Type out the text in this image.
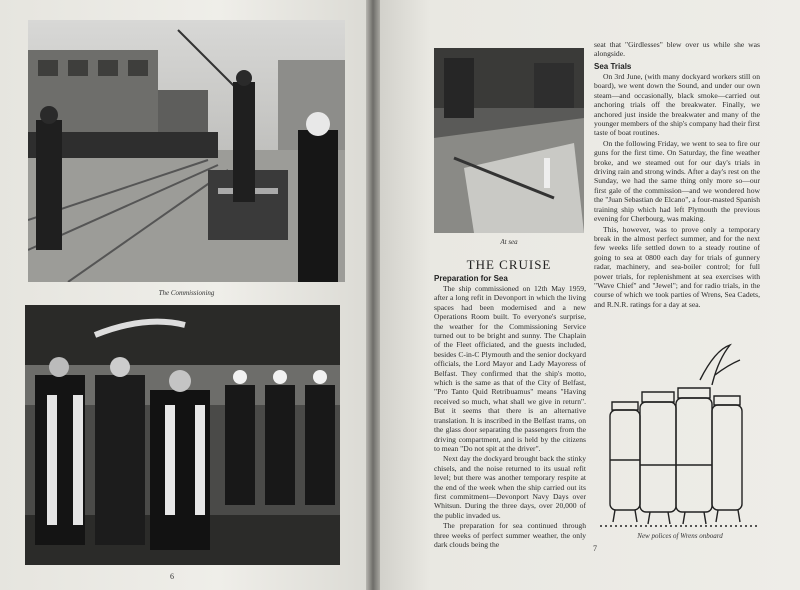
The Commissioning
6
At sea
THE CRUISE
Preparation for Sea

The ship commissioned on 12th May 1959, after a long refit in Devonport in which the living spaces had been modernised and a new Operations Room built. To everyone's surprise, the weather for the Commissioning Service turned out to be bright and sunny. The Chaplain of the Fleet officiated, and the guests included, besides C-in-C Plymouth and the senior dockyard officials, the Lord Mayor and Lady Mayoress of Belfast. They confirmed that the ship's motto, which is the same as that of the City of Belfast, "Pro Tanto Quid Retribuamus" means "Having received so much, what shall we give in return". But it seems that there is an alternative translation. It is inscribed in the Belfast trams, on the glass door separating the passengers from the driving compartment, and is held by the citizens to mean "Do not spit at the driver".

Next day the dockyard brought back the stinky chisels, and the noise returned to its usual refit level; but there was another temporary respite at the end of the week when the ship carried out its first commitment—Devonport Navy Days over Whitsun. During the three days, over 20,000 of the public invaded us.

The preparation for sea continued through three weeks of perfect summer weather, the only dark clouds being the

seat that "Girdlesses" blew over us while she was alongside.

Sea Trials

On 3rd June, (with many dockyard workers still on board), we went down the Sound, and under our own steam—and occasionally, black smoke—carried out anchoring trials off the breakwater. Finally, we anchored just inside the breakwater and many of the younger members of the ship's company had their first taste of boat routines.

On the following Friday, we went to sea to fire our guns for the first time. On Saturday, the fine weather broke, and we steamed out for our day's trials in driving rain and strong winds. After a day's rest on the Sunday, we had the same thing only more so—our first gale of the commission—and we wondered how the "Juan Sebastian de Elcano", a four-masted Spanish training ship which had left Plymouth the previous evening for Cherbourg, was making.

This, however, was to prove only a temporary break in the almost perfect summer, and for the next few weeks life settled down to a steady routine of going to sea at 0800 each day for trials of gunnery radar, machinery, and sea-boiler control; for full power trials, for replenishment at sea exercises with "Wave Chief" and "Jewel"; and for radio trials, in the course of which we took parties of Wrens, Sea Cadets, and R.N.R. ratings for a day at sea.

New polices of Wrens onboard
7
